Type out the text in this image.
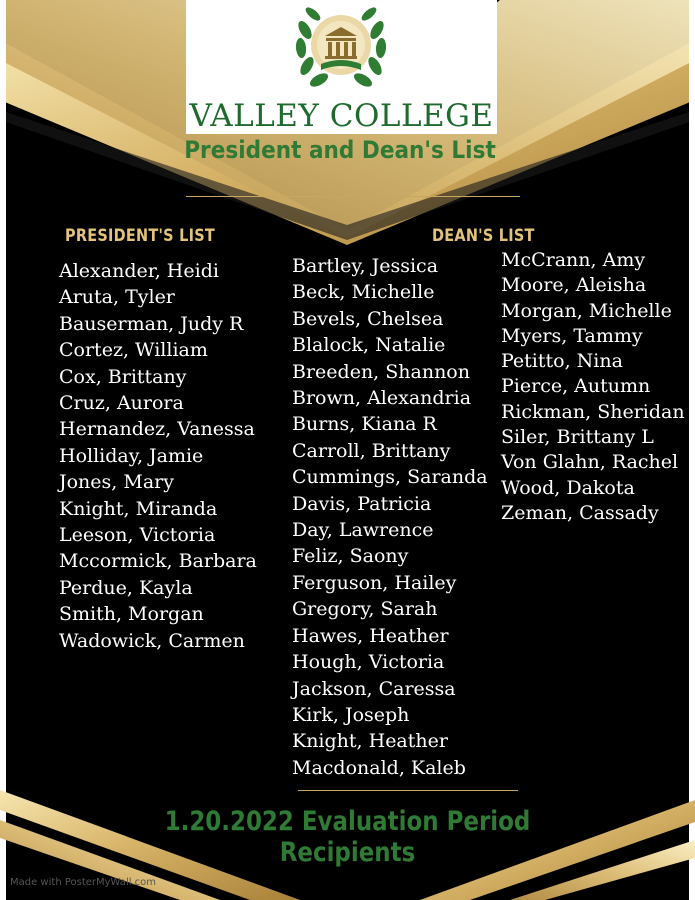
VALLEY COLLEGE
President and Dean's List
PRESIDENT'S LIST	DEAN'S LIST
Alexander, Heidi
Aruta, Tyler
Bauserman, Judy R
Cortez, William
Cox, Brittany
Cruz, Aurora
Hernandez, Vanessa
Holliday, Jamie
Jones, Mary
Knight, Miranda
Leeson, Victoria
Mccormick, Barbara
Perdue, Kayla
Smith, Morgan
Wadowick, Carmen
Bartley, Jessica
Beck, Michelle
Bevels, Chelsea
Blalock, Natalie
Breeden, Shannon
Brown, Alexandria
Burns, Kiana R
Carroll, Brittany
Cummings, Saranda
Davis, Patricia
Day, Lawrence
Feliz, Saony
Ferguson, Hailey
Gregory, Sarah
Hawes, Heather
Hough, Victoria
Jackson, Caressa
Kirk, Joseph
Knight, Heather
Macdonald, Kaleb
McCrann, Amy
Moore, Aleisha
Morgan, Michelle
Myers, Tammy
Petitto, Nina
Pierce, Autumn
Rickman, Sheridan
Siler, Brittany L
Von Glahn, Rachel
Wood, Dakota
Zeman, Cassady
1.20.2022 Evaluation Period Recipients
Made with PosterMyWall.com
